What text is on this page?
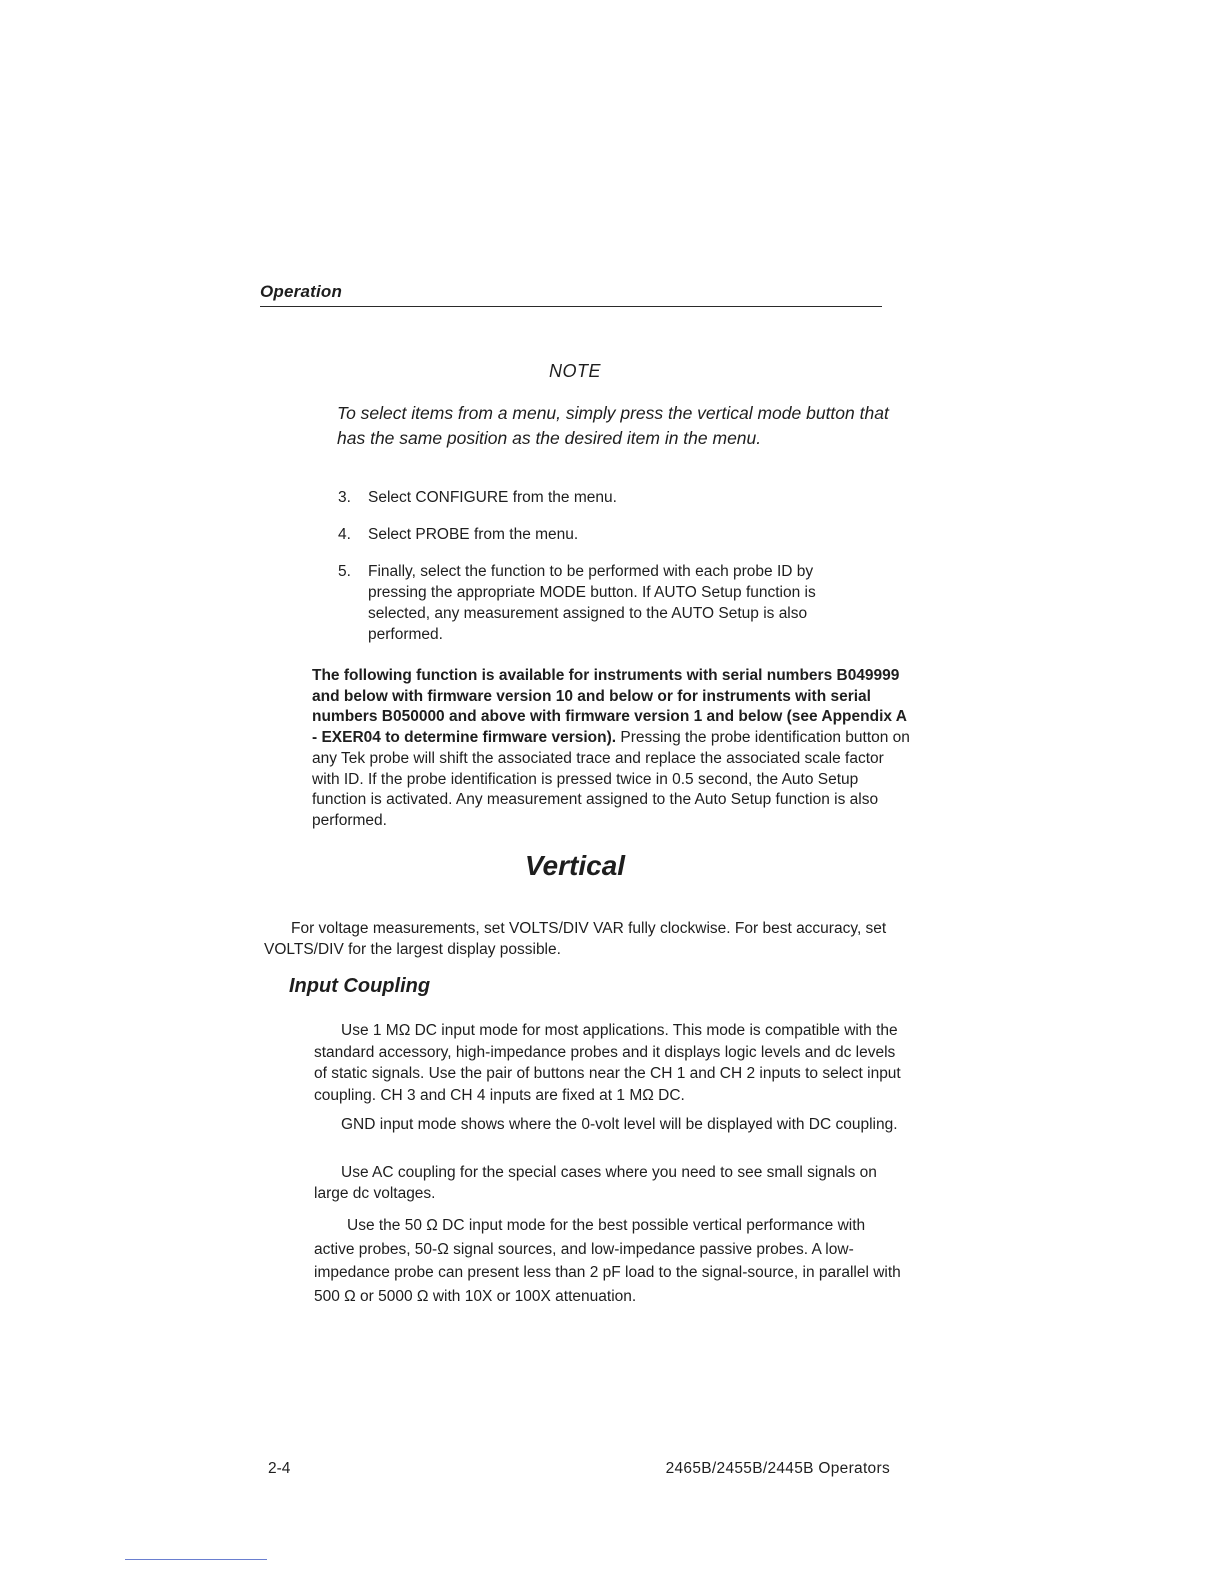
Operation
NOTE
To select items from a menu, simply press the vertical mode button that has the same position as the desired item in the menu.
3. Select CONFIGURE from the menu.
4. Select PROBE from the menu.
5. Finally, select the function to be performed with each probe ID by pressing the appropriate MODE button. If AUTO Setup function is selected, any measurement assigned to the AUTO Setup is also performed.
The following function is available for instruments with serial numbers B049999 and below with firmware version 10 and below or for instruments with serial numbers B050000 and above with firmware version 1 and below (see Appendix A - EXER04 to determine firmware version). Pressing the probe identification button on any Tek probe will shift the associated trace and replace the associated scale factor with ID. If the probe identification is pressed twice in 0.5 second, the Auto Setup function is activated. Any measurement assigned to the Auto Setup function is also performed.
Vertical
For voltage measurements, set VOLTS/DIV VAR fully clockwise. For best accuracy, set VOLTS/DIV for the largest display possible.
Input Coupling
Use 1 MΩ DC input mode for most applications. This mode is compatible with the standard accessory, high-impedance probes and it displays logic levels and dc levels of static signals. Use the pair of buttons near the CH 1 and CH 2 inputs to select input coupling. CH 3 and CH 4 inputs are fixed at 1 MΩ DC.
GND input mode shows where the 0-volt level will be displayed with DC coupling.
Use AC coupling for the special cases where you need to see small signals on large dc voltages.
Use the 50 Ω DC input mode for the best possible vertical performance with active probes, 50-Ω signal sources, and low-impedance passive probes. A low-impedance probe can present less than 2 pF load to the signal-source, in parallel with 500 Ω or 5000 Ω with 10X or 100X attenuation.
2-4	2465B/2455B/2445B Operators
